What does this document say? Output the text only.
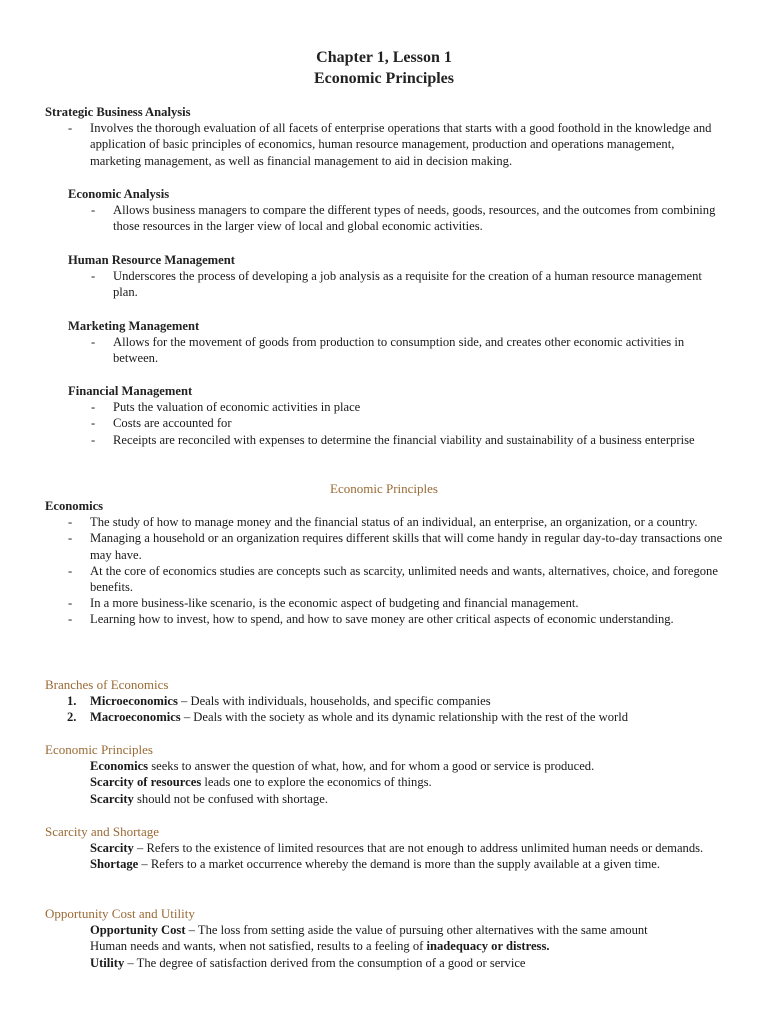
Chapter 1, Lesson 1
Economic Principles
Strategic Business Analysis
- Involves the thorough evaluation of all facets of enterprise operations that starts with a good foothold in the knowledge and application of basic principles of economics, human resource management, production and operations management, marketing management, as well as financial management to aid in decision making.
Economic Analysis
- Allows business managers to compare the different types of needs, goods, resources, and the outcomes from combining those resources in the larger view of local and global economic activities.
Human Resource Management
- Underscores the process of developing a job analysis as a requisite for the creation of a human resource management plan.
Marketing Management
- Allows for the movement of goods from production to consumption side, and creates other economic activities in between.
Financial Management
- Puts the valuation of economic activities in place
- Costs are accounted for
- Receipts are reconciled with expenses to determine the financial viability and sustainability of a business enterprise
Economic Principles
Economics
- The study of how to manage money and the financial status of an individual, an enterprise, an organization, or a country.
- Managing a household or an organization requires different skills that will come handy in regular day-to-day transactions one may have.
- At the core of economics studies are concepts such as scarcity, unlimited needs and wants, alternatives, choice, and foregone benefits.
- In a more business-like scenario, is the economic aspect of budgeting and financial management.
- Learning how to invest, how to spend, and how to save money are other critical aspects of economic understanding.
Branches of Economics
1. Microeconomics – Deals with individuals, households, and specific companies
2. Macroeconomics – Deals with the society as whole and its dynamic relationship with the rest of the world
Economic Principles
Economics seeks to answer the question of what, how, and for whom a good or service is produced.
Scarcity of resources leads one to explore the economics of things.
Scarcity should not be confused with shortage.
Scarcity and Shortage
Scarcity – Refers to the existence of limited resources that are not enough to address unlimited human needs or demands.
Shortage – Refers to a market occurrence whereby the demand is more than the supply available at a given time.
Opportunity Cost and Utility
Opportunity Cost – The loss from setting aside the value of pursuing other alternatives with the same amount
Human needs and wants, when not satisfied, results to a feeling of inadequacy or distress.
Utility – The degree of satisfaction derived from the consumption of a good or service
